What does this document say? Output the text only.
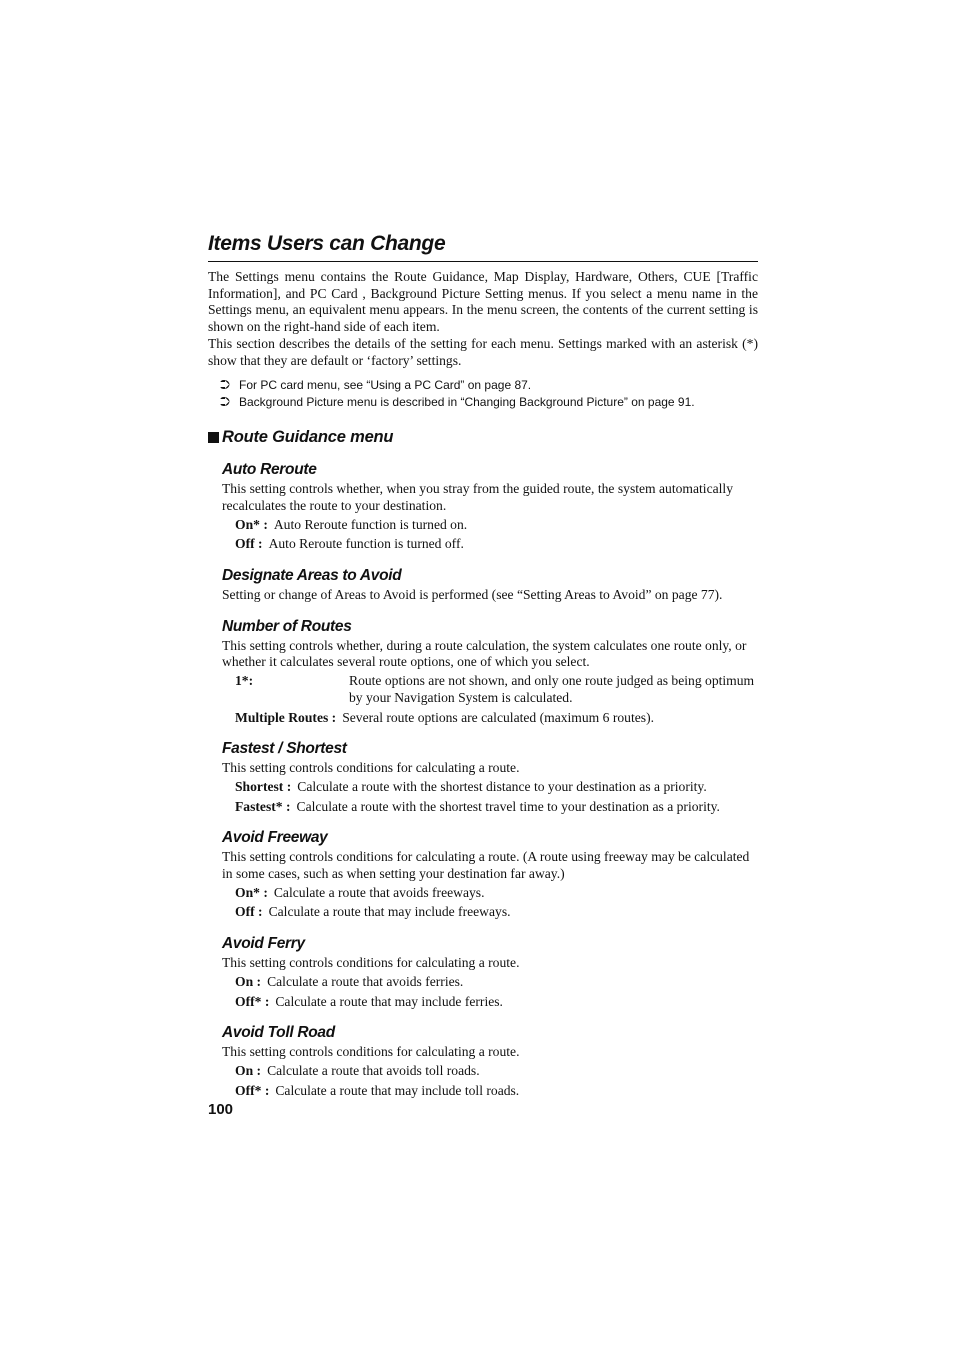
Items Users can Change

The Settings menu contains the Route Guidance, Map Display, Hardware, Others, CUE [Traffic Information], and PC Card , Background Picture Setting menus. If you select a menu name in the Settings menu, an equivalent menu appears. In the menu screen, the contents of the current setting is shown on the right-hand side of each item.

This section describes the details of the setting for each menu. Settings marked with an asterisk (*) show that they are default or ‘factory’ settings.

⮊ For PC card menu, see “Using a PC Card” on page 87.
⮊ Background Picture menu is described in “Changing Background Picture” on page 91.
Route Guidance menu
Auto Reroute

This setting controls whether, when you stray from the guided route, the system automatically recalculates the route to your destination.

On* : Auto Reroute function is turned on.
Off : Auto Reroute function is turned off.
Designate Areas to Avoid

Setting or change of Areas to Avoid is performed (see “Setting Areas to Avoid” on page 77).

Number of Routes

This setting controls whether, during a route calculation, the system calculates one route only, or whether it calculates several route options, one of which you select.

1*:	Route options are not shown, and only one route judged as being optimum by your Navigation System is calculated.
Multiple Routes : Several route options are calculated (maximum 6 routes).
Fastest / Shortest

This setting controls conditions for calculating a route.

Shortest : Calculate a route with the shortest distance to your destination as a priority.
Fastest* : Calculate a route with the shortest travel time to your destination as a priority.
Avoid Freeway

This setting controls conditions for calculating a route. (A route using freeway may be calculated in some cases, such as when setting your destination far away.)

On* : Calculate a route that avoids freeways.
Off : Calculate a route that may include freeways.
Avoid Ferry

This setting controls conditions for calculating a route.

On : Calculate a route that avoids ferries.
Off* : Calculate a route that may include ferries.
Avoid Toll Road

This setting controls conditions for calculating a route.

On : Calculate a route that avoids toll roads.
Off* : Calculate a route that may include toll roads.
100
